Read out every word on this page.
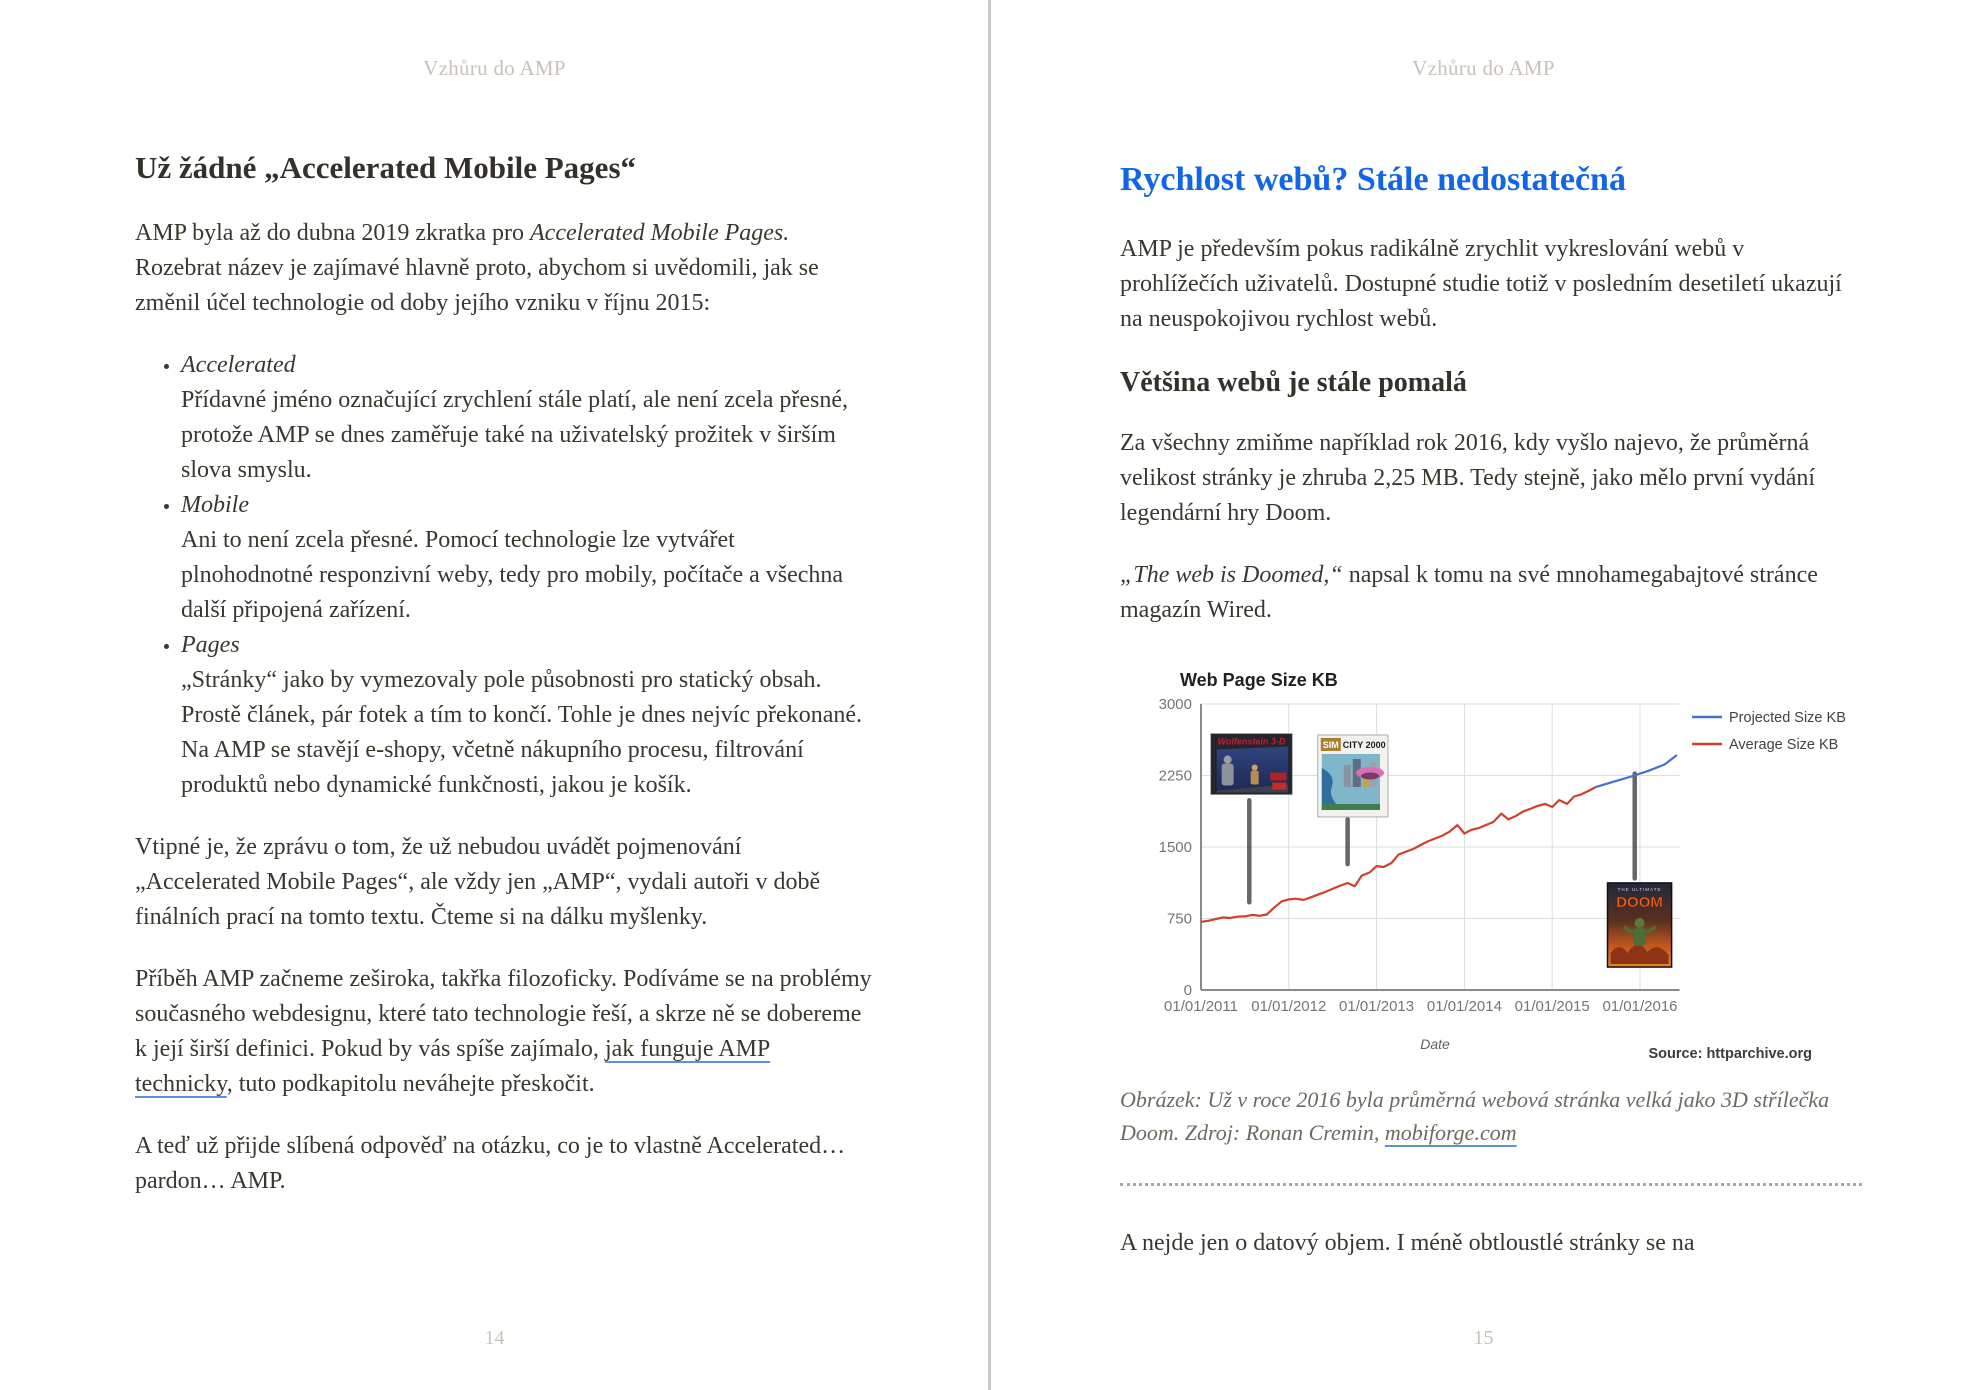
Vzhůru do AMP
Už žádné „Accelerated Mobile Pages“

AMP byla až do dubna 2019 zkratka pro Accelerated Mobile Pages. Rozebrat název je zajímavé hlavně proto, abychom si uvědomili, jak se změnil účel technologie od doby jejího vzniku v říjnu 2015:

• Accelerated
Přídavné jméno označující zrychlení stále platí, ale není zcela přesné, protože AMP se dnes zaměřuje také na uživatelský prožitek v širším slova smyslu.
• Mobile
Ani to není zcela přesné. Pomocí technologie lze vytvářet plnohodnotné responzivní weby, tedy pro mobily, počítače a všechna další připojená zařízení.
• Pages
„Stránky“ jako by vymezovaly pole působnosti pro statický obsah. Prostě článek, pár fotek a tím to končí. Tohle je dnes nejvíc překonané. Na AMP se stavějí e-shopy, včetně nákupního procesu, filtrování produktů nebo dynamické funkčnosti, jakou je košík.

Vtipné je, že zprávu o tom, že už nebudou uvádět pojmenování „Accelerated Mobile Pages“, ale vždy jen „AMP“, vydali autoři v době finálních prací na tomto textu. Čteme si na dálku myšlenky.

Příběh AMP začneme zeširoka, takřka filozoficky. Podíváme se na problémy současného webdesignu, které tato technologie řeší, a skrze ně se dobereme k její širší definici. Pokud by vás spíše zajímalo, jak funguje AMP technicky, tuto podkapitolu neváhejte přeskočit.

A teď už přijde slíbená odpověď na otázku, co je to vlastně Accelerated… pardon… AMP.

14
Vzhůru do AMP
Rychlost webů? Stále nedostatečná

AMP je především pokus radikálně zrychlit vykreslování webů v prohlížečích uživatelů. Dostupné studie totiž v posledním desetiletí ukazují na neuspokojivou rychlost webů.

Většina webů je stále pomalá

Za všechny zmiňme například rok 2016, kdy vyšlo najevo, že průměrná velikost stránky je zhruba 2,25 MB. Tedy stejně, jako mělo první vydání legendární hry Doom.

„The web is Doomed,“ napsal k tomu na své mnohamegabajtové stránce magazín Wired.

0
750
1500
2250
3000
01/01/2011 01/01/2012 01/01/2013 01/01/2014 01/01/2015 01/01/2016
Wolfenstein 3-D	SIM CITY 2000
THE ULTIMATE
DOOM
Projected Size KB
Average Size KB
Web Page Size KB
Date
Source: httparchive.org
Obrázek: Už v roce 2016 byla průměrná webová stránka velká jako 3D střílečka Doom. Zdroj: Ronan Cremin, mobiforge.com

A nejde jen o datový objem. I méně obtloustlé stránky se na

15
